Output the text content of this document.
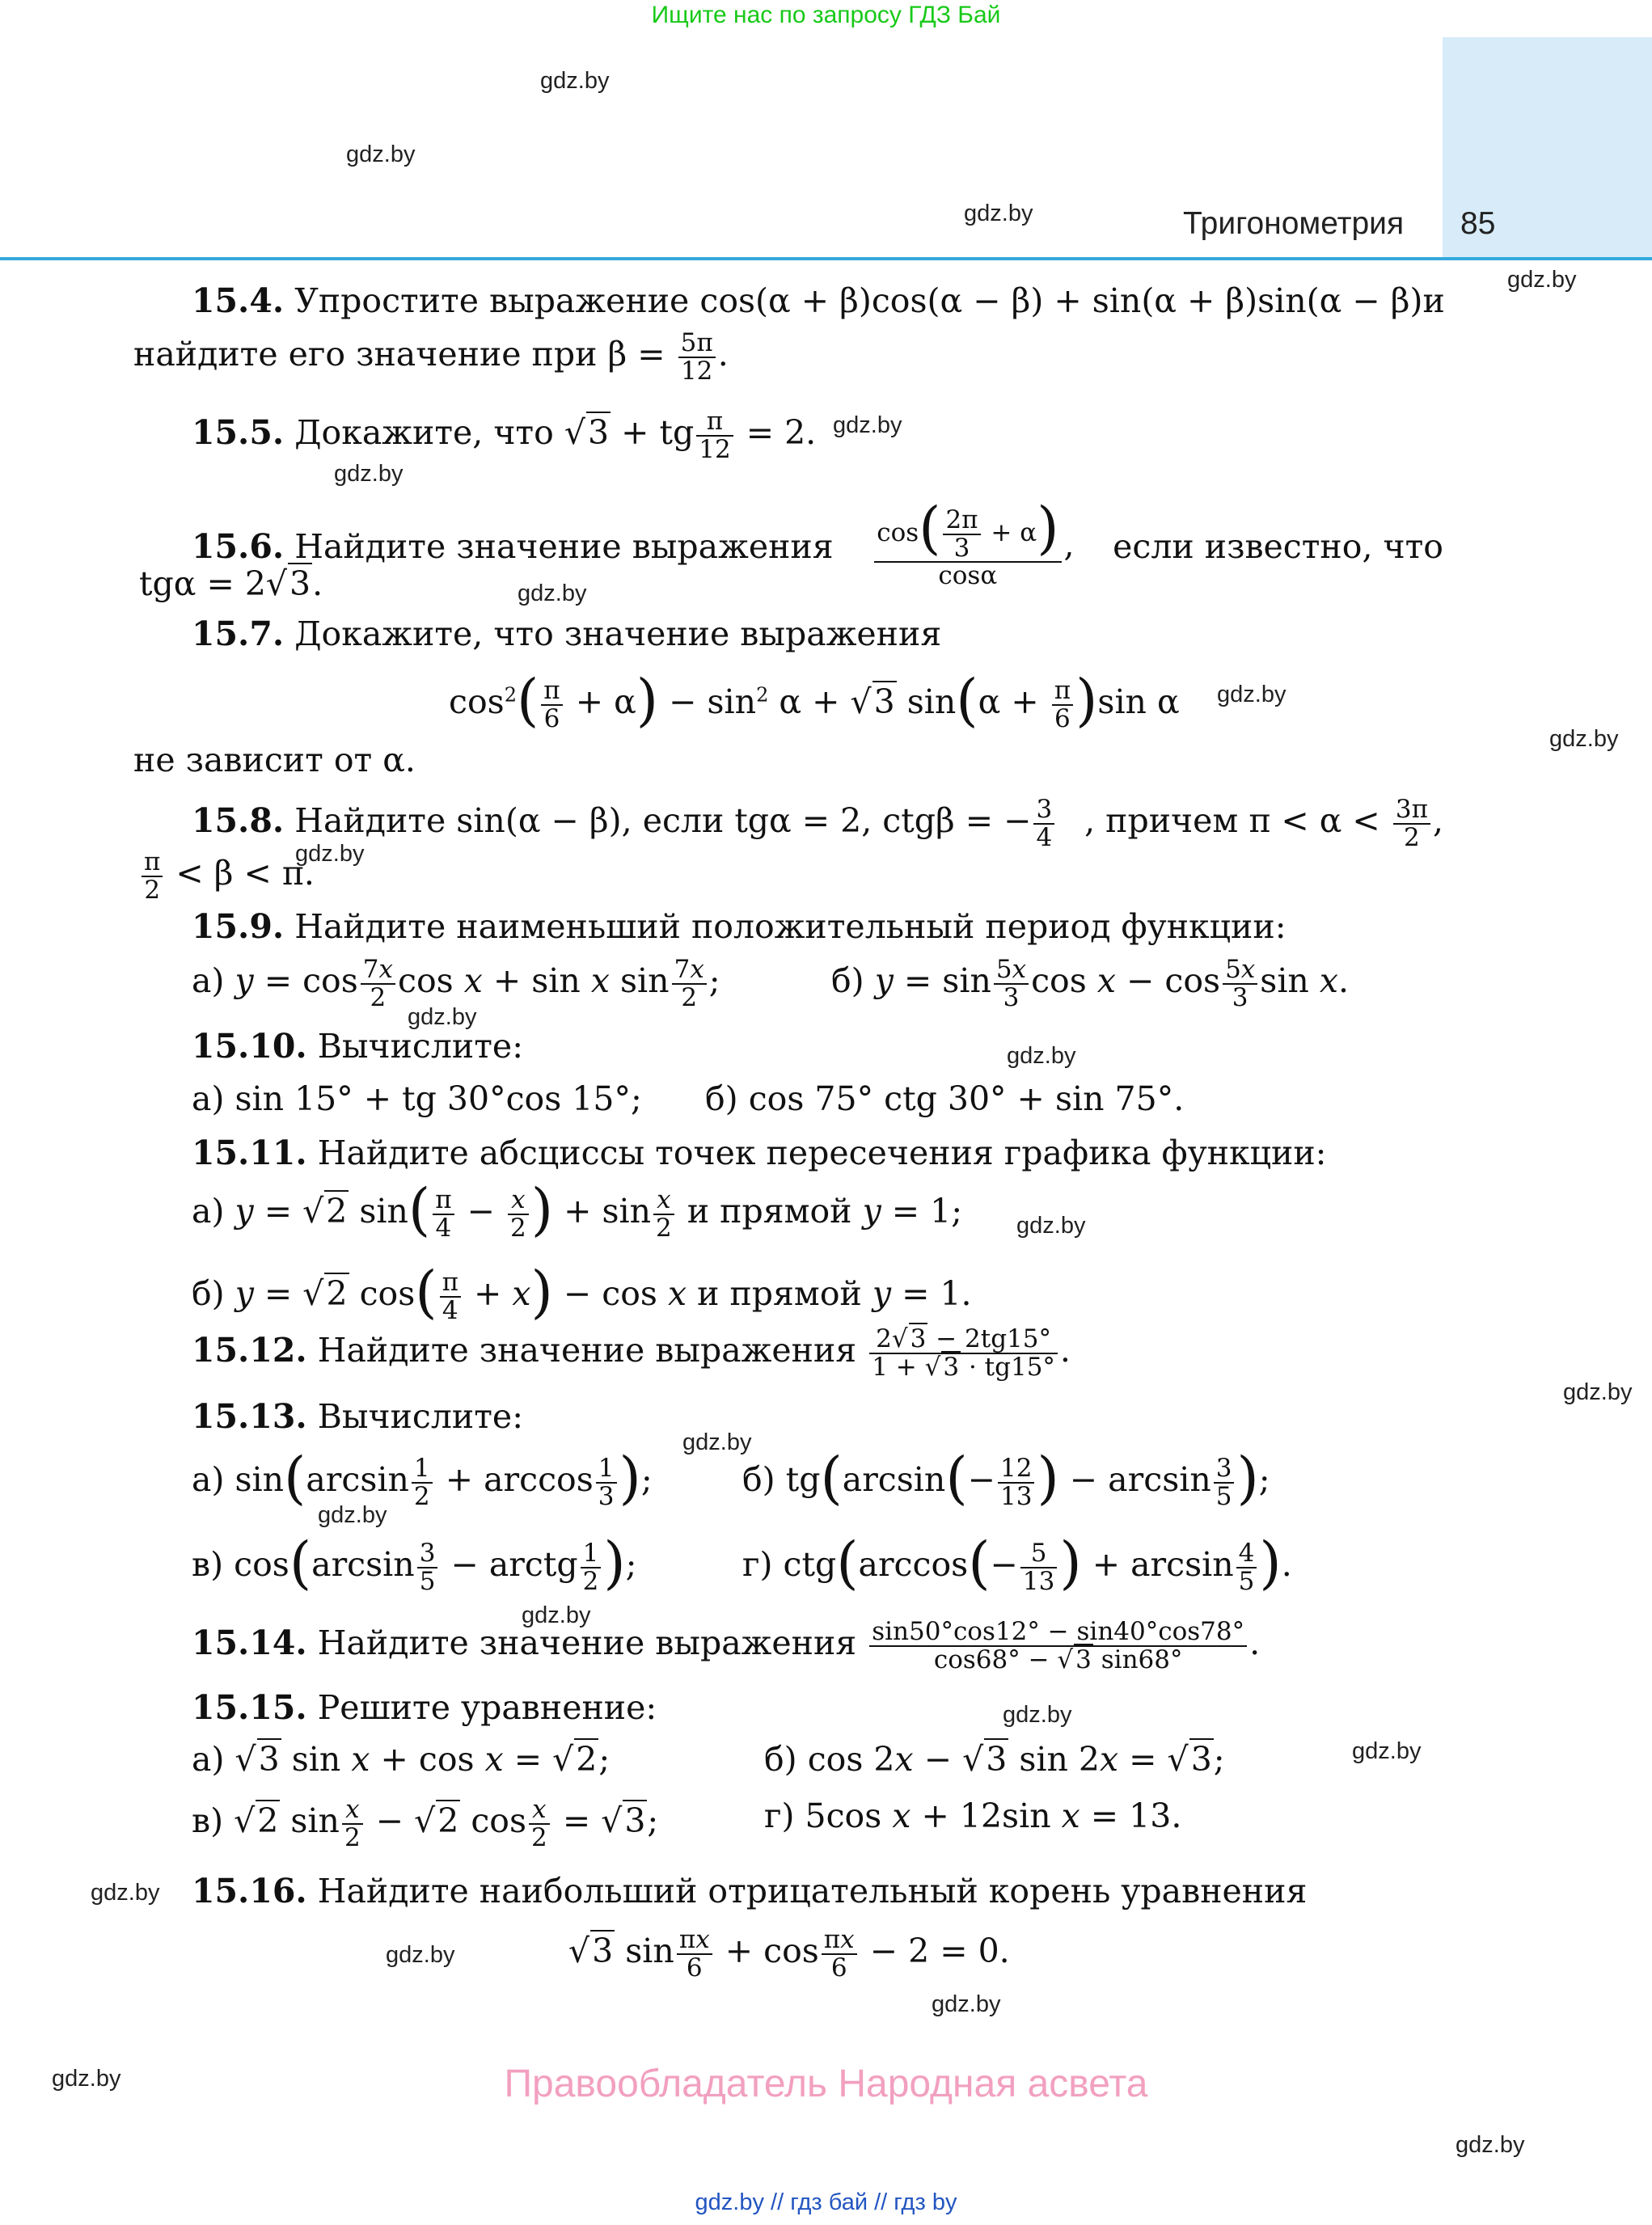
Ищите нас по запросу ГДЗ Бай
Тригонометрия 85
gdz.by
gdz.by
gdz.by
gdz.by
gdz.by
gdz.by
gdz.by
gdz.by
gdz.by
gdz.by
gdz.by
gdz.by
gdz.by
gdz.by
gdz.by
gdz.by
gdz.by
gdz.by
gdz.by
gdz.by
gdz.by
gdz.by
gdz.by
gdz.by
15.4. Упростите выражение cos(α + β)cos(α − β) + sin(α + β)sin(α − β) и
найдите его значение при $\beta = \frac{5\pi}{12}$ .
15.5. Докажите, что √3 + tg $\frac{\pi}{12} = 2$.
15.6. Найдите значение выражения $\frac{\cos( \frac{2\pi}{3} + \alpha)}{\cos\alpha}$ , если известно, что
tgα = 2√3.
15.7. Докажите, что значение выражения
$\cos^2( \frac{\pi}{6} + \alpha) - \sin^2 \alpha + √3$ $\sin(\alpha + \frac{\pi}{6} )\sin$ α
не зависит от α.
15.8. Найдите sin(α − β), если tgα = 2, ctgβ = − $\frac{3}{4}$ , причем $\pi < \alpha < \frac{3\pi}{2}$ ,
$\frac{\pi}{2} < \beta < \pi$.
15.9. Найдите наименьший положительный период функции:
а) $y = \cos \frac{7x}{2}$ cos x + sin x $\sin \frac{7x}{2}$ ;	б) $y = \sin \frac{5x}{3}$ $\cos x - \cos \frac{5x}{3}$ sin x.
15.10. Вычислите:
а) sin 15° + tg 30°cos 15°; б) cos 75° ctg 30° + sin 75°.
15.11. Найдите абсциссы точек пересечения графика функции:
а) y = √2 $\sin( \frac{\pi}{4} - \frac{x}{2}$ ) + $\sin \frac{x}{2}$ и прямой y = 1;
б) y = √2 $\cos( \frac{\pi}{4} + x) - \cos x$ и прямой y = 1.
15.12. Найдите значение выражения $\frac{2√3 - 2tg15^\circ}{1 + √3 \cdot tg15^\circ}$ .
15.13. Вычислите:
а) $\sin(\arcsin \frac{1}{2} + \arccos \frac{1}{3}$ );	б) $tg(\arcsin(- \frac{12}{13}$ ) − $\arcsin \frac{3}{5}$ );
в) $\cos(\arcsin \frac{3}{5}$ − arctg $\frac{1}{2}$ );	г) $ctg(\arccos(- \frac{5}{13}$ ) + $\arcsin \frac{4}{5}$ ).
15.14. Найдите значение выражения $\frac{\sin 50^\circ\cos 12^\circ - \sin 40^\circ\cos 78^\circ}{\cos 68^\circ - √3 \sin 68^\circ}$ .
15.15. Решите уравнение:
а) √3 sin x + cos x = √2;	б) cos 2x − √3 sin 2x = √3;
в) √2 $\sin \frac{x}{2} - √2$ $\cos \frac{x}{2} = √3$;	г) 5cos x + 12sin x = 13.
15.16. Найдите наибольший отрицательный корень уравнения
√3 $\sin \frac{\pi x}{6} + \cos \frac{\pi x}{6} - 2 = 0$.
Правообладатель Народная асвета
gdz.by // гдз бай // гдз by
